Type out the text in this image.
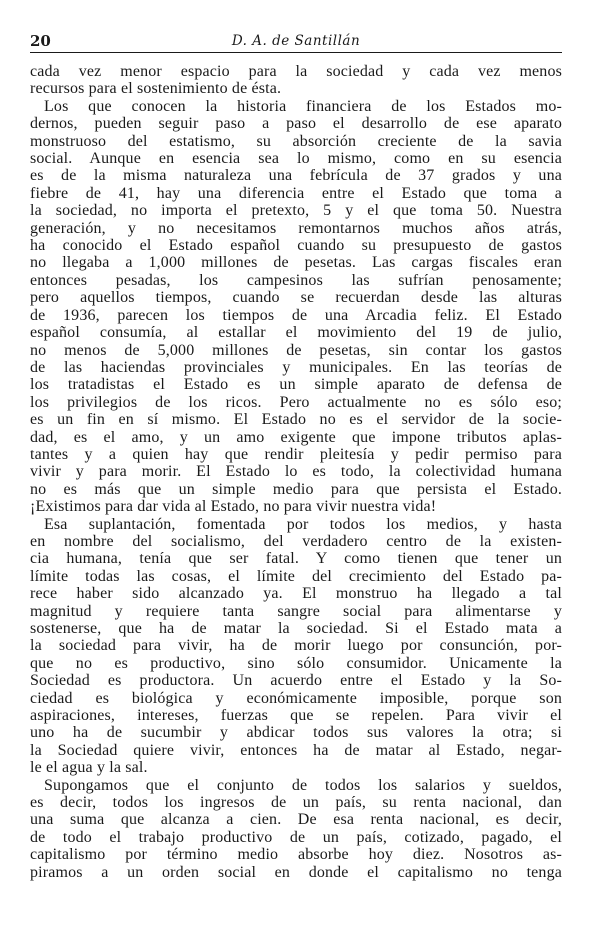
20	D. A. de Santillán
cada vez menor espacio para la sociedad y cada vez menos
recursos para el sostenimiento de ésta.
Los que conocen la historia financiera de los Estados mo-
dernos, pueden seguir paso a paso el desarrollo de ese aparato
monstruoso del estatismo, su absorción creciente de la savia
social. Aunque en esencia sea lo mismo, como en su esencia
es de la misma naturaleza una febrícula de 37 grados y una
fiebre de 41, hay una diferencia entre el Estado que toma a
la sociedad, no importa el pretexto, 5 y el que toma 50. Nuestra
generación, y no necesitamos remontarnos muchos años atrás,
ha conocido el Estado español cuando su presupuesto de gastos
no llegaba a 1,000 millones de pesetas. Las cargas fiscales eran
entonces pesadas, los campesinos las sufrían penosamente;
pero aquellos tiempos, cuando se recuerdan desde las alturas
de 1936, parecen los tiempos de una Arcadia feliz. El Estado
español consumía, al estallar el movimiento del 19 de julio,
no menos de 5,000 millones de pesetas, sin contar los gastos
de las haciendas provinciales y municipales. En las teorías de
los tratadistas el Estado es un simple aparato de defensa de
los privilegios de los ricos. Pero actualmente no es sólo eso;
es un fin en sí mismo. El Estado no es el servidor de la socie-
dad, es el amo, y un amo exigente que impone tributos aplas-
tantes y a quien hay que rendir pleitesía y pedir permiso para
vivir y para morir. El Estado lo es todo, la colectividad humana
no es más que un simple medio para que persista el Estado.
¡Existimos para dar vida al Estado, no para vivir nuestra vida!
Esa suplantación, fomentada por todos los medios, y hasta
en nombre del socialismo, del verdadero centro de la existen-
cia humana, tenía que ser fatal. Y como tienen que tener un
límite todas las cosas, el límite del crecimiento del Estado pa-
rece haber sido alcanzado ya. El monstruo ha llegado a tal
magnitud y requiere tanta sangre social para alimentarse y
sostenerse, que ha de matar la sociedad. Si el Estado mata a
la sociedad para vivir, ha de morir luego por consunción, por-
que no es productivo, sino sólo consumidor. Unicamente la
Sociedad es productora. Un acuerdo entre el Estado y la So-
ciedad es biológica y económicamente imposible, porque son
aspiraciones, intereses, fuerzas que se repelen. Para vivir el
uno ha de sucumbir y abdicar todos sus valores la otra; si
la Sociedad quiere vivir, entonces ha de matar al Estado, negar-
le el agua y la sal.
Supongamos que el conjunto de todos los salarios y sueldos,
es decir, todos los ingresos de un país, su renta nacional, dan
una suma que alcanza a cien. De esa renta nacional, es decir,
de todo el trabajo productivo de un país, cotizado, pagado, el
capitalismo por término medio absorbe hoy diez. Nosotros as-
piramos a un orden social en donde el capitalismo no tenga
